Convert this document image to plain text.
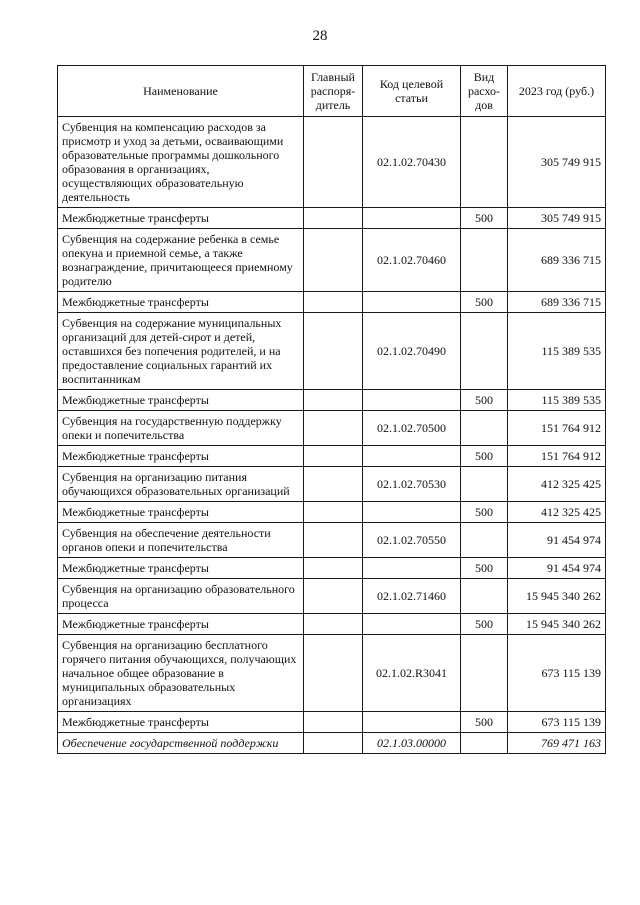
28
Наименование	Главный распоря- дитель	Код целевой статьи	Вид расхо- дов	2023 год (руб.)
Субвенция на компенсацию расходов за присмотр и уход за детьми, осваивающими образовательные программы дошкольного образования в организациях, осуществляющих образовательную деятельность		02.1.02.70430		305 749 915
Межбюджетные трансферты			500	305 749 915
Субвенция на содержание ребенка в семье опекуна и приемной семье, а также вознаграждение, причитающееся приемному родителю		02.1.02.70460		689 336 715
Межбюджетные трансферты			500	689 336 715
Субвенция на содержание муниципальных организаций для детей-сирот и детей, оставшихся без попечения родителей, и на предоставление социальных гарантий их воспитанникам		02.1.02.70490		115 389 535
Межбюджетные трансферты			500	115 389 535
Субвенция на государственную поддержку опеки и попечительства		02.1.02.70500		151 764 912
Межбюджетные трансферты			500	151 764 912
Субвенция на организацию питания обучающихся образовательных организаций		02.1.02.70530		412 325 425
Межбюджетные трансферты			500	412 325 425
Субвенция на обеспечение деятельности органов опеки и попечительства		02.1.02.70550		91 454 974
Межбюджетные трансферты			500	91 454 974
Субвенция на организацию образовательного процесса		02.1.02.71460		15 945 340 262
Межбюджетные трансферты			500	15 945 340 262
Субвенция на организацию бесплатного горячего питания обучающихся, получающих начальное общее образование в муниципальных образовательных организациях		02.1.02.R3041		673 115 139
Межбюджетные трансферты			500	673 115 139
Обеспечение государственной поддержки		02.1.03.00000		769 471 163
